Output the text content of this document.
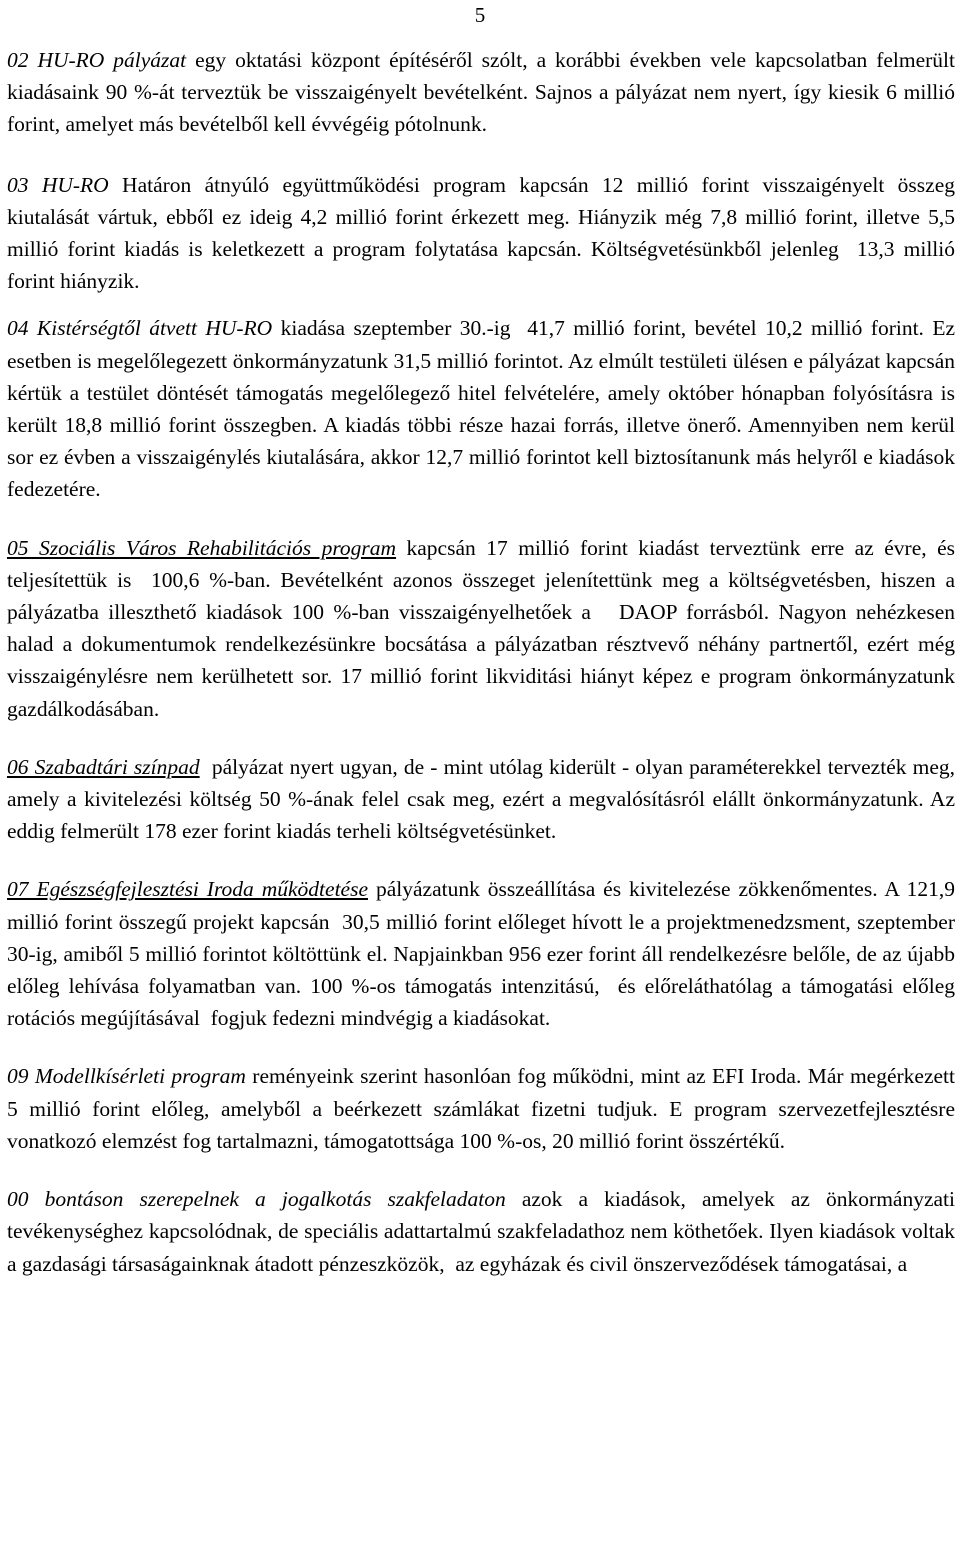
5

02 HU-RO pályázat egy oktatási központ építéséről szólt, a korábbi években vele kapcsolatban felmerült kiadásaink 90 %-át terveztük be visszaigényelt bevételként. Sajnos a pályázat nem nyert, így kiesik 6 millió forint, amelyet más bevételből kell évvégéig pótolnunk.

03 HU-RO Határon átnyúló együttműködési program kapcsán 12 millió forint visszaigényelt összeg kiutalását vártuk, ebből ez ideig 4,2 millió forint érkezett meg. Hiányzik még 7,8 millió forint, illetve 5,5 millió forint kiadás is keletkezett a program folytatása kapcsán. Költségvetésünkből jelenleg  13,3 millió forint hiányzik.

04 Kistérségtől átvett HU-RO kiadása szeptember 30.-ig  41,7 millió forint, bevétel 10,2 millió forint. Ez esetben is megelőlegezett önkormányzatunk 31,5 millió forintot. Az elmúlt testületi ülésen e pályázat kapcsán kértük a testület döntését támogatás megelőlegező hitel felvételére, amely október hónapban folyósításra is került 18,8 millió forint összegben. A kiadás többi része hazai forrás, illetve önerő. Amennyiben nem kerül sor ez évben a visszaigénylés kiutalására, akkor 12,7 millió forintot kell biztosítanunk más helyről e kiadások fedezetére.

05 Szociális Város Rehabilitációs program kapcsán 17 millió forint kiadást terveztünk erre az évre, és teljesítettük is  100,6 %-ban. Bevételként azonos összeget jelenítettünk meg a költségvetésben, hiszen a pályázatba illeszthető kiadások 100 %-ban visszaigényelhetőek a   DAOP forrásból. Nagyon nehézkesen halad a dokumentumok rendelkezésünkre bocsátása a pályázatban résztvevő néhány partnertől, ezért még visszaigénylésre nem kerülhetett sor. 17 millió forint likviditási hiányt képez e program önkormányzatunk gazdálkodásában.

06 Szabadtári színpad  pályázat nyert ugyan, de - mint utólag kiderült - olyan paraméterekkel tervezték meg, amely a kivitelezési költség 50 %-ának felel csak meg, ezért a megvalósításról elállt önkormányzatunk. Az eddig felmerült 178 ezer forint kiadás terheli költségvetésünket.

07 Egészségfejlesztési Iroda működtetése pályázatunk összeállítása és kivitelezése zökkenőmentes. A 121,9 millió forint összegű projekt kapcsán  30,5 millió forint előleget hívott le a projektmenedzsment, szeptember 30-ig, amiből 5 millió forintot költöttünk el. Napjainkban 956 ezer forint áll rendelkezésre belőle, de az újabb előleg lehívása folyamatban van. 100 %-os támogatás intenzitású,  és előreláthatólag a támogatási előleg rotációs megújításával  fogjuk fedezni mindvégig a kiadásokat.

09 Modellkísérleti program reményeink szerint hasonlóan fog működni, mint az EFI Iroda. Már megérkezett 5 millió forint előleg, amelyből a beérkezett számlákat fizetni tudjuk. E program szervezetfejlesztésre vonatkozó elemzést fog tartalmazni, támogatottsága 100 %-os, 20 millió forint összértékű.

00 bontáson szerepelnek a jogalkotás szakfeladaton azok a kiadások, amelyek az önkormányzati tevékenységhez kapcsolódnak, de speciális adattartalmú szakfeladathoz nem köthetőek. Ilyen kiadások voltak a gazdasági társaságainknak átadott pénzeszközök,  az egyházak és civil önszerveződések támogatásai, a
